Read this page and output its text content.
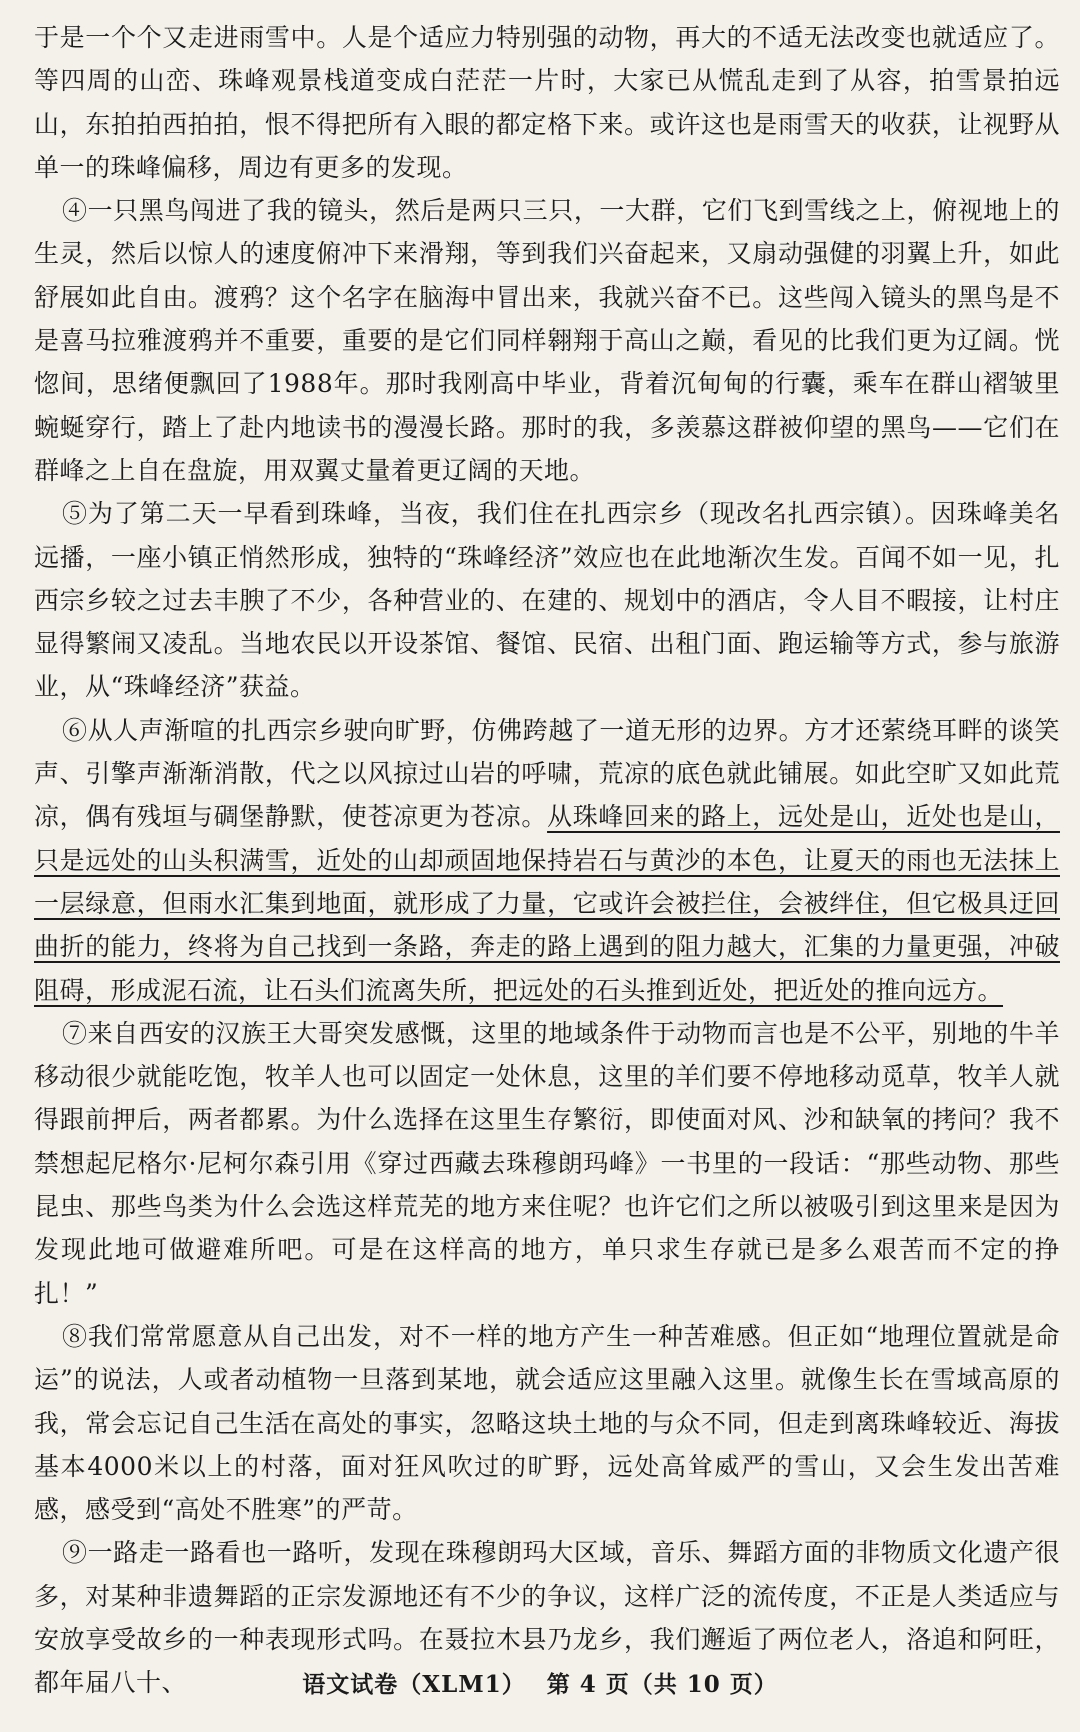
于是一个个又走进雨雪中。人是个适应力特别强的动物，再大的不适无法改变也就适应了。等四周的山峦、珠峰观景栈道变成白茫茫一片时，大家已从慌乱走到了从容，拍雪景拍远山，东拍拍西拍拍，恨不得把所有入眼的都定格下来。或许这也是雨雪天的收获，让视野从单一的珠峰偏移，周边有更多的发现。

④一只黑鸟闯进了我的镜头，然后是两只三只，一大群，它们飞到雪线之上，俯视地上的生灵，然后以惊人的速度俯冲下来滑翔，等到我们兴奋起来，又扇动强健的羽翼上升，如此舒展如此自由。渡鸦？这个名字在脑海中冒出来，我就兴奋不已。这些闯入镜头的黑鸟是不是喜马拉雅渡鸦并不重要，重要的是它们同样翱翔于高山之巅，看见的比我们更为辽阔。恍惚间，思绪便飘回了1988年。那时我刚高中毕业，背着沉甸甸的行囊，乘车在群山褶皱里蜿蜒穿行，踏上了赴内地读书的漫漫长路。那时的我，多羡慕这群被仰望的黑鸟——它们在群峰之上自在盘旋，用双翼丈量着更辽阔的天地。

⑤为了第二天一早看到珠峰，当夜，我们住在扎西宗乡（现改名扎西宗镇）。因珠峰美名远播，一座小镇正悄然形成，独特的“珠峰经济”效应也在此地渐次生发。百闻不如一见，扎西宗乡较之过去丰腴了不少，各种营业的、在建的、规划中的酒店，令人目不暇接，让村庄显得繁闹又凌乱。当地农民以开设茶馆、餐馆、民宿、出租门面、跑运输等方式，参与旅游业，从“珠峰经济”获益。

⑥从人声渐喧的扎西宗乡驶向旷野，仿佛跨越了一道无形的边界。方才还萦绕耳畔的谈笑声、引擎声渐渐消散，代之以风掠过山岩的呼啸，荒凉的底色就此铺展。如此空旷又如此荒凉，偶有残垣与碉堡静默，使苍凉更为苍凉。从珠峰回来的路上，远处是山，近处也是山，只是远处的山头积满雪，近处的山却顽固地保持岩石与黄沙的本色，让夏天的雨也无法抹上一层绿意，但雨水汇集到地面，就形成了力量，它或许会被拦住，会被绊住，但它极具迂回曲折的能力，终将为自己找到一条路，奔走的路上遇到的阻力越大，汇集的力量更强，冲破阻碍，形成泥石流，让石头们流离失所，把远处的石头推到近处，把近处的推向远方。

⑦来自西安的汉族王大哥突发感慨，这里的地域条件于动物而言也是不公平，别地的牛羊移动很少就能吃饱，牧羊人也可以固定一处休息，这里的羊们要不停地移动觅草，牧羊人就得跟前押后，两者都累。为什么选择在这里生存繁衍，即使面对风、沙和缺氧的拷问？我不禁想起尼格尔·尼柯尔森引用《穿过西藏去珠穆朗玛峰》一书里的一段话：“那些动物、那些昆虫、那些鸟类为什么会选这样荒芜的地方来住呢？也许它们之所以被吸引到这里来是因为发现此地可做避难所吧。可是在这样高的地方，单只求生存就已是多么艰苦而不定的挣扎！”

⑧我们常常愿意从自己出发，对不一样的地方产生一种苦难感。但正如“地理位置就是命运”的说法，人或者动植物一旦落到某地，就会适应这里融入这里。就像生长在雪域高原的我，常会忘记自己生活在高处的事实，忽略这块土地的与众不同，但走到离珠峰较近、海拔基本4000米以上的村落，面对狂风吹过的旷野，远处高耸威严的雪山，又会生发出苦难感，感受到“高处不胜寒”的严苛。

⑨一路走一路看也一路听，发现在珠穆朗玛大区域，音乐、舞蹈方面的非物质文化遗产很多，对某种非遗舞蹈的正宗发源地还有不少的争议，这样广泛的流传度，不正是人类适应与安放享受故乡的一种表现形式吗。在聂拉木县乃龙乡，我们邂逅了两位老人，洛追和阿旺，都年届八十、	语文试卷（XLM1） 第 4 页（共 10 页）
